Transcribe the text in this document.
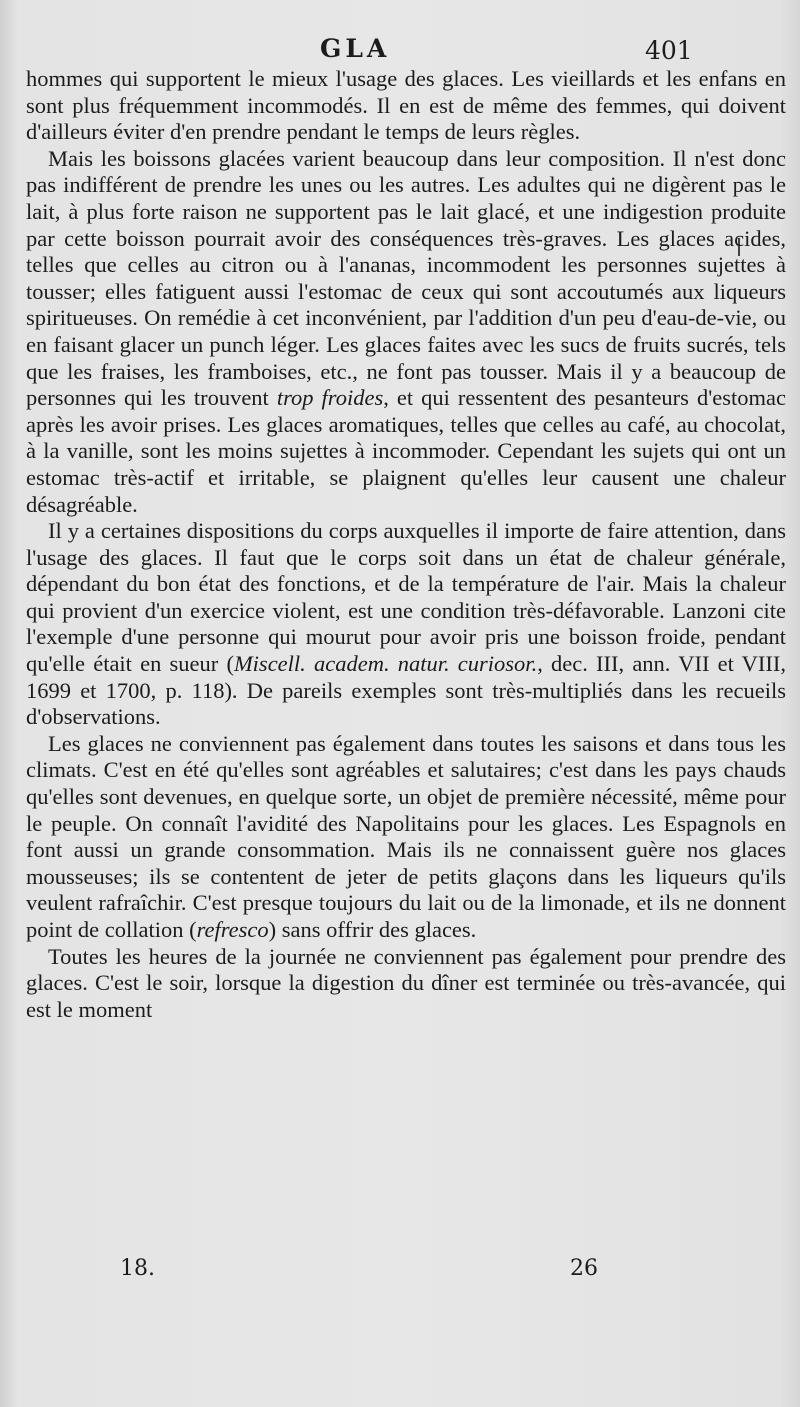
GLA	401

hommes qui supportent le mieux l'usage des glaces. Les vieillards et les enfans en sont plus fréquemment incommodés. Il en est de même des femmes, qui doivent d'ailleurs éviter d'en prendre pendant le temps de leurs règles.

Mais les boissons glacées varient beaucoup dans leur composition. Il n'est donc pas indifférent de prendre les unes ou les autres. Les adultes qui ne digèrent pas le lait, à plus forte raison ne supportent pas le lait glacé, et une indigestion produite par cette boisson pourrait avoir des conséquences très-graves. Les glaces acides, telles que celles au citron ou à l'ananas, incommodent les personnes sujettes à tousser; elles fatiguent aussi l'estomac de ceux qui sont accoutumés aux liqueurs spiritueuses. On remédie à cet inconvénient, par l'addition d'un peu d'eau-de-vie, ou en faisant glacer un punch léger. Les glaces faites avec les sucs de fruits sucrés, tels que les fraises, les framboises, etc., ne font pas tousser. Mais il y a beaucoup de personnes qui les trouvent trop froides, et qui ressentent des pesanteurs d'estomac après les avoir prises. Les glaces aromatiques, telles que celles au café, au chocolat, à la vanille, sont les moins sujettes à incommoder. Cependant les sujets qui ont un estomac très-actif et irritable, se plaignent qu'elles leur causent une chaleur désagréable.

Il y a certaines dispositions du corps auxquelles il importe de faire attention, dans l'usage des glaces. Il faut que le corps soit dans un état de chaleur générale, dépendant du bon état des fonctions, et de la température de l'air. Mais la chaleur qui provient d'un exercice violent, est une condition très-défavorable. Lanzoni cite l'exemple d'une personne qui mourut pour avoir pris une boisson froide, pendant qu'elle était en sueur (Miscell. academ. natur. curiosor., dec. III, ann. VII et VIII, 1699 et 1700, p. 118). De pareils exemples sont très-multipliés dans les recueils d'observations.

Les glaces ne conviennent pas également dans toutes les saisons et dans tous les climats. C'est en été qu'elles sont agréables et salutaires; c'est dans les pays chauds qu'elles sont devenues, en quelque sorte, un objet de première nécessité, même pour le peuple. On connaît l'avidité des Napolitains pour les glaces. Les Espagnols en font aussi un grande consommation. Mais ils ne connaissent guère nos glaces mousseuses; ils se contentent de jeter de petits glaçons dans les liqueurs qu'ils veulent rafraîchir. C'est presque toujours du lait ou de la limonade, et ils ne donnent point de collation (refresco) sans offrir des glaces.

Toutes les heures de la journée ne conviennent pas également pour prendre des glaces. C'est le soir, lorsque la digestion du dîner est terminée ou très-avancée, qui est le moment

18.	26
